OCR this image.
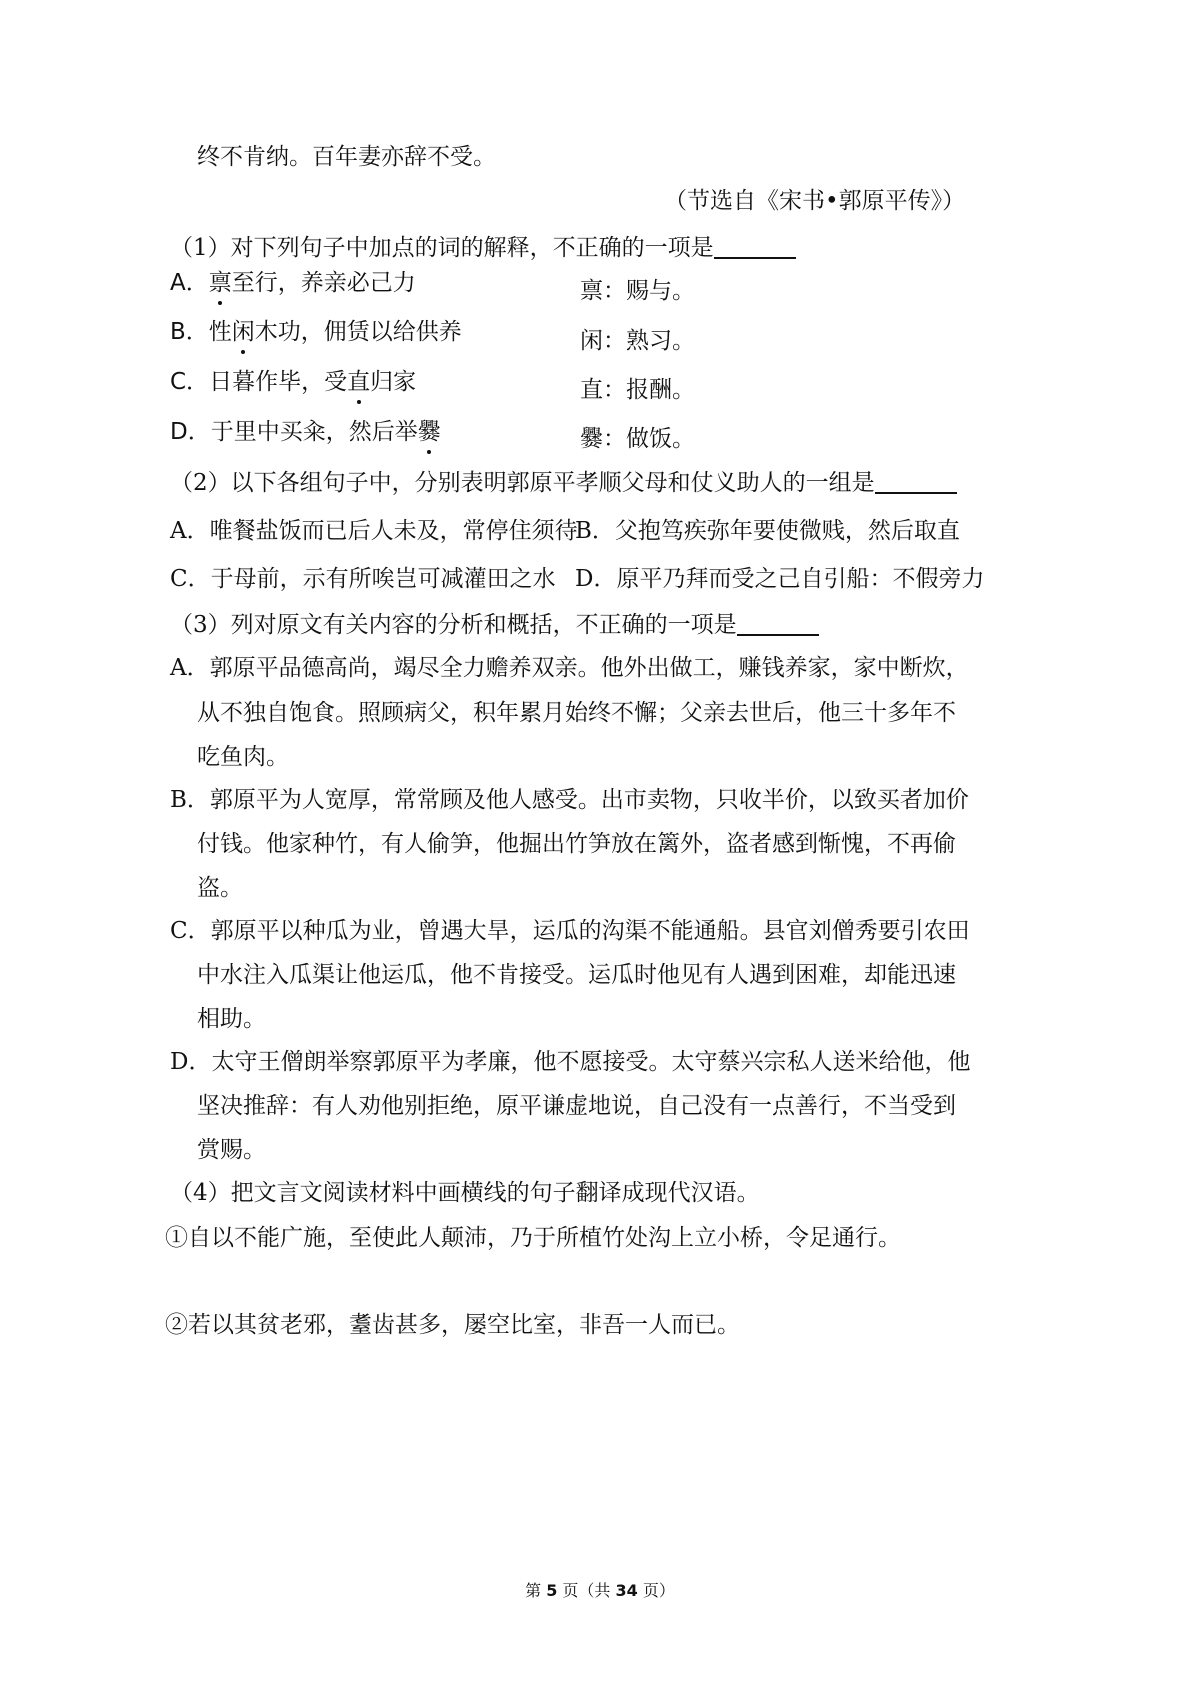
终不肯纳。百年妻亦辞不受。
（节选自《宋书•郭原平传》）
（1）对下列句子中加点的词的解释，不正确的一项是
A．禀至行，养亲必己力	禀：赐与。
B．性闲木功，佣赁以给供养	闲：熟习。
C．日暮作毕，受直归家	直：报酬。
D．于里中买籴，然后举爨	爨：做饭。
（2）以下各组句子中，分别表明郭原平孝顺父母和仗义助人的一组是
A．唯餐盐饭而已后人未及，常停住须待
B．父抱笃疾弥年要使微贱，然后取直
C．于母前，示有所唉岂可减灌田之水 D．原平乃拜而受之己自引船：不假旁力
（3）列对原文有关内容的分析和概括，不正确的一项是
A．郭原平品德高尚，竭尽全力赡养双亲。他外出做工，赚钱养家，家中断炊，
从不独自饱食。照顾病父，积年累月始终不懈；父亲去世后，他三十多年不
吃鱼肉。
B．郭原平为人宽厚，常常顾及他人感受。出市卖物，只收半价，以致买者加价
付钱。他家种竹，有人偷笋，他掘出竹笋放在篱外，盗者感到惭愧，不再偷
盗。
C．郭原平以种瓜为业，曾遇大旱，运瓜的沟渠不能通船。县官刘僧秀要引农田
中水注入瓜渠让他运瓜，他不肯接受。运瓜时他见有人遇到困难，却能迅速
相助。
D．太守王僧朗举察郭原平为孝廉，他不愿接受。太守蔡兴宗私人送米给他，他
坚决推辞：有人劝他别拒绝，原平谦虚地说，自己没有一点善行，不当受到
赏赐。
（4）把文言文阅读材料中画横线的句子翻译成现代汉语。
①自以不能广施，至使此人颠沛，乃于所植竹处沟上立小桥，令足通行。
②若以其贫老邪，耋齿甚多，屡空比室，非吾一人而已。
第 5 页（共 34 页）
